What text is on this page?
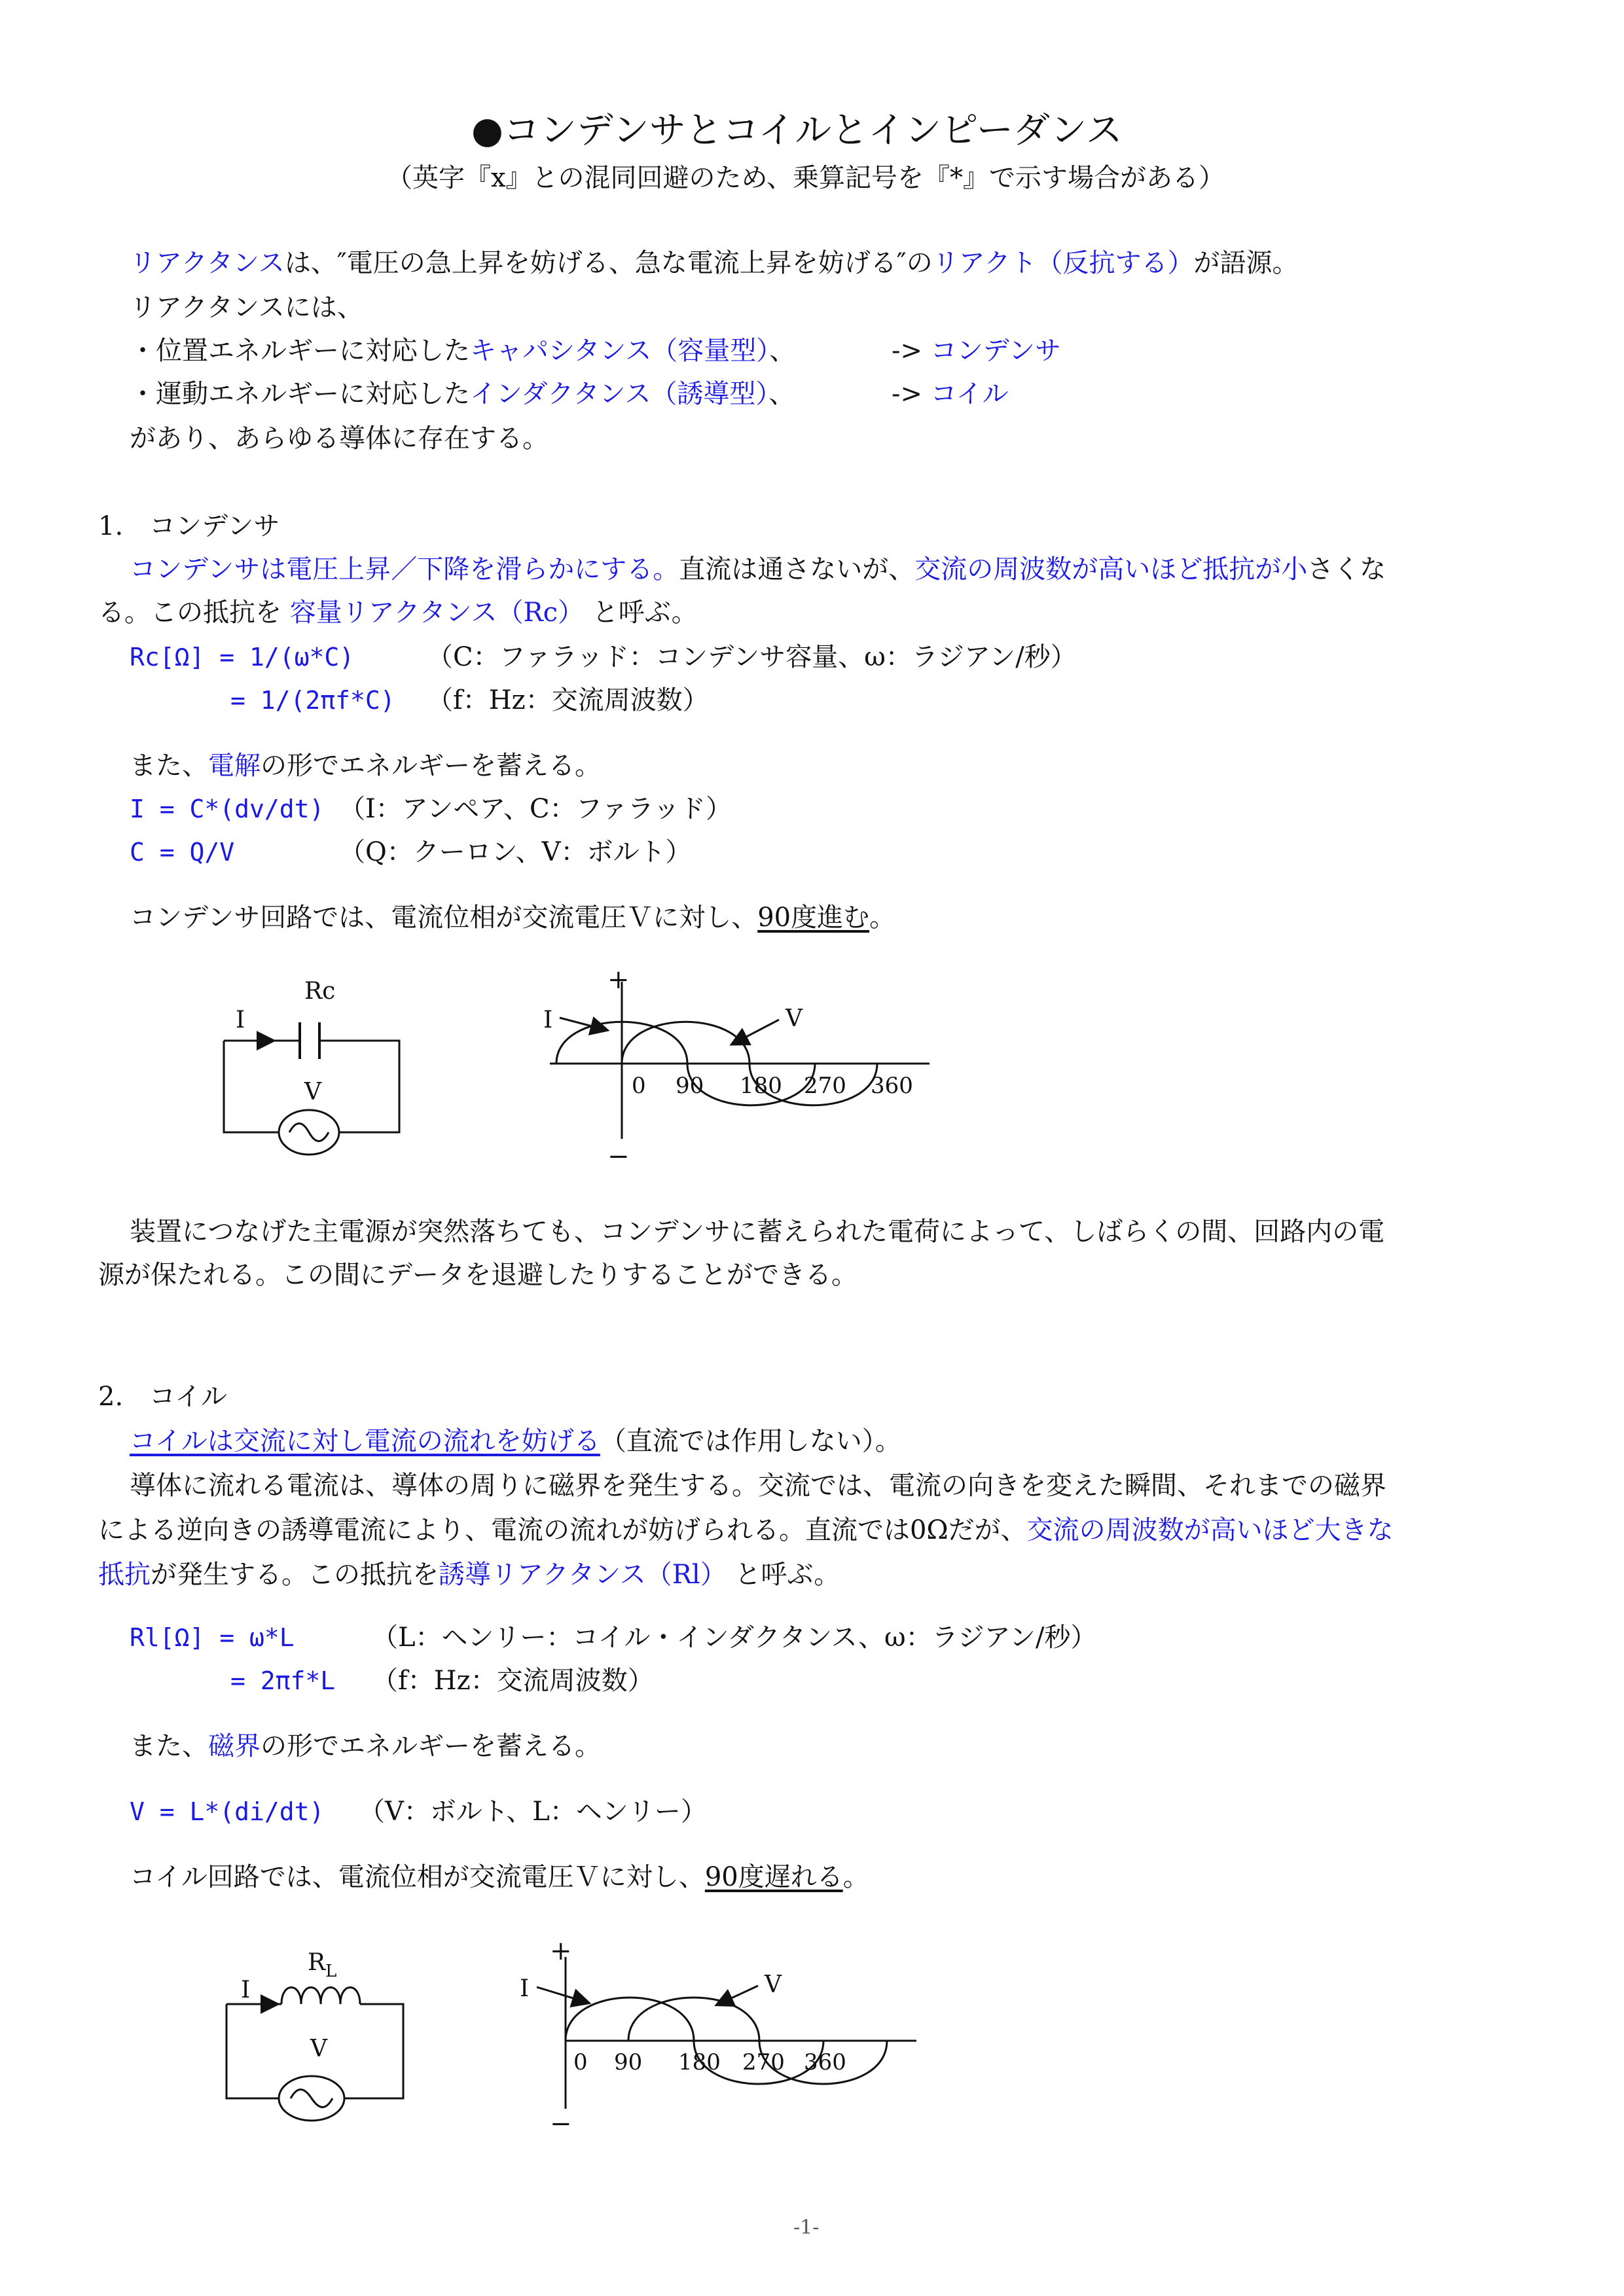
●コンデンサとコイルとインピーダンス
（英字『x』との混同回避のため、乗算記号を『*』で示す場合がある）
リアクタンスは、″電圧の急上昇を妨げる、急な電流上昇を妨げる″のリアクト（反抗する）が語源。
リアクタンスには、
・位置エネルギーに対応したキャパシタンス（容量型）、	-> コンデンサ
・運動エネルギーに対応したインダクタンス（誘導型）、	-> コイル
があり、あらゆる導体に存在する。
1.　コンデンサ
コンデンサは電圧上昇／下降を滑らかにする。直流は通さないが、交流の周波数が高いほど抵抗が小さくな
る。この抵抗を 容量リアクタンス（Rc） と呼ぶ。
Rc[Ω] = 1/(ω*C)	（C：ファラッド：コンデンサ容量、ω：ラジアン/秒）
= 1/(2πf*C) （f：Hz：交流周波数）
また、電解の形でエネルギーを蓄える。
I = C*(dv/dt) （I：アンペア、C：ファラッド）
C = Q/V	（Q：クーロン、V：ボルト）
コンデンサ回路では、電流位相が交流電圧Ｖに対し、90度進む。
Rc
I
V
+
−
I	V
0 90 180 270 360
装置につなげた主電源が突然落ちても、コンデンサに蓄えられた電荷によって、しばらくの間、回路内の電
源が保たれる。この間にデータを退避したりすることができる。
2.　コイル
コイルは交流に対し電流の流れを妨げる（直流では作用しない）。
導体に流れる電流は、導体の周りに磁界を発生する。交流では、電流の向きを変えた瞬間、それまでの磁界
による逆向きの誘導電流により、電流の流れが妨げられる。直流では0Ωだが、交流の周波数が高いほど大きな
抵抗が発生する。この抵抗を誘導リアクタンス（Rl） と呼ぶ。
Rl[Ω] = ω*L	（L：ヘンリー：コイル・インダクタンス、ω：ラジアン/秒）
= 2πf*L （f：Hz：交流周波数）
また、磁界の形でエネルギーを蓄える。
V = L*(di/dt) （V：ボルト、L：ヘンリー）
コイル回路では、電流位相が交流電圧Ｖに対し、90度遅れる。
$R_L$
I
V
+
−
I	V
0 90 180 270 360
-1-
